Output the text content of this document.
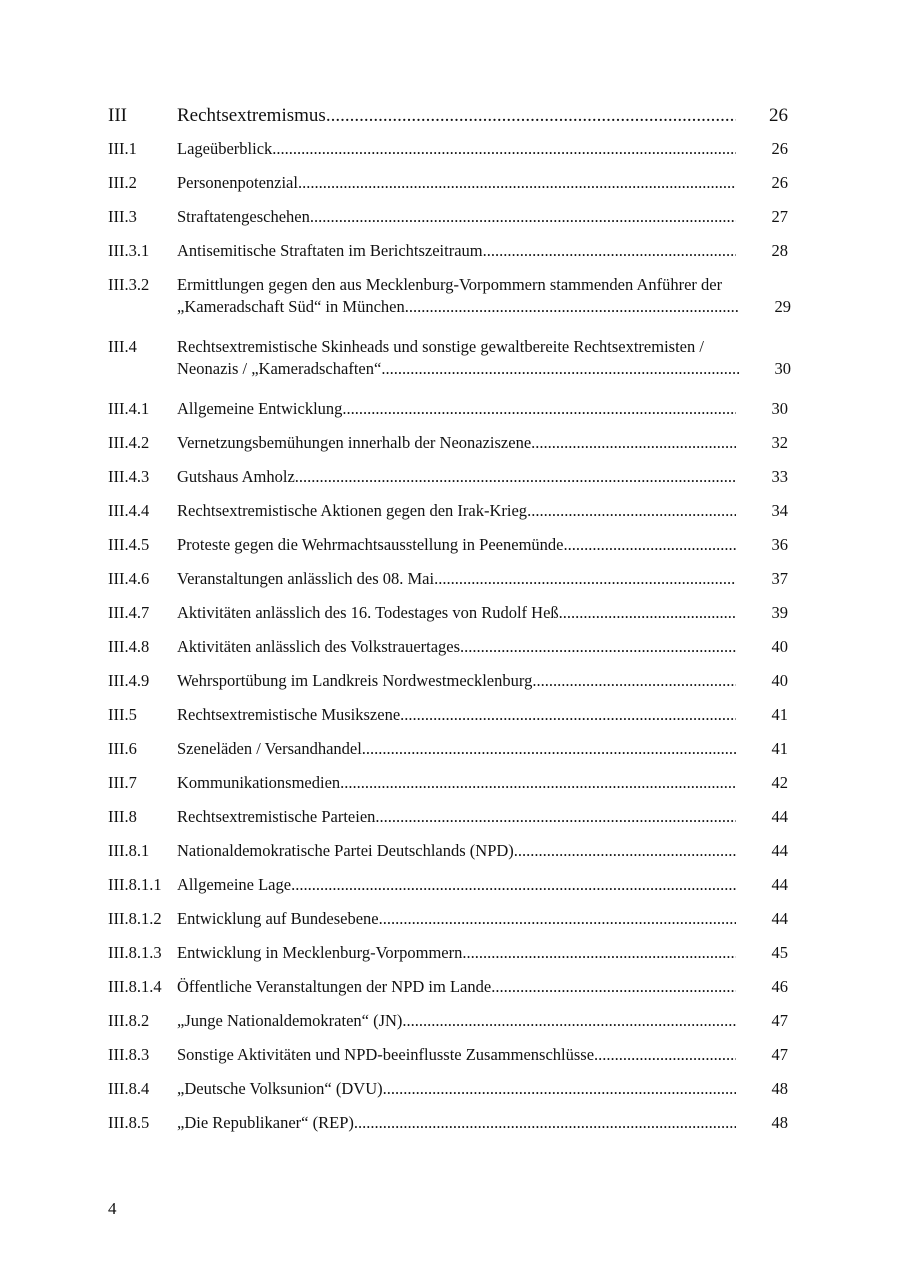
III	Rechtsextremismus .....	26
III.1	Lageüberblick .....	26
III.2	Personenpotenzial .....	26
III.3	Straftatengeschehen .....	27
III.3.1	Antisemitische Straftaten im Berichtszeitraum .....	28
III.3.2	Ermittlungen gegen den aus Mecklenburg-Vorpommern stammenden Anführer der
„Kameradschaft Süd“ in München .....	29
III.4	Rechtsextremistische Skinheads und sonstige gewaltbereite Rechtsextremisten /
Neonazis / „Kameradschaften“ .....	30
III.4.1	Allgemeine Entwicklung .....	30
III.4.2	Vernetzungsbemühungen innerhalb der Neonaziszene .....	32
III.4.3	Gutshaus Amholz .....	33
III.4.4	Rechtsextremistische Aktionen gegen den Irak-Krieg .....	34
III.4.5	Proteste gegen die Wehrmachtsausstellung in Peenemünde .....	36
III.4.6	Veranstaltungen anlässlich des 08. Mai .....	37
III.4.7	Aktivitäten anlässlich des 16. Todestages von Rudolf Heß .....	39
III.4.8	Aktivitäten anlässlich des Volkstrauertages .....	40
III.4.9	Wehrsportübung im Landkreis Nordwestmecklenburg .....	40
III.5	Rechtsextremistische Musikszene .....	41
III.6	Szeneläden / Versandhandel .....	41
III.7	Kommunikationsmedien .....	42
III.8	Rechtsextremistische Parteien .....	44
III.8.1	Nationaldemokratische Partei Deutschlands (NPD) .....	44
III.8.1.1 Allgemeine Lage .....	44
III.8.1.2 Entwicklung auf Bundesebene .....	44
III.8.1.3 Entwicklung in Mecklenburg-Vorpommern .....	45
III.8.1.4 Öffentliche Veranstaltungen der NPD im Lande .....	46
III.8.2	„Junge Nationaldemokraten“ (JN) .....	47
III.8.3	Sonstige Aktivitäten und NPD-beeinflusste Zusammenschlüsse .....	47
III.8.4	„Deutsche Volksunion“ (DVU) .....	48
III.8.5	„Die Republikaner“ (REP) .....	48
4
